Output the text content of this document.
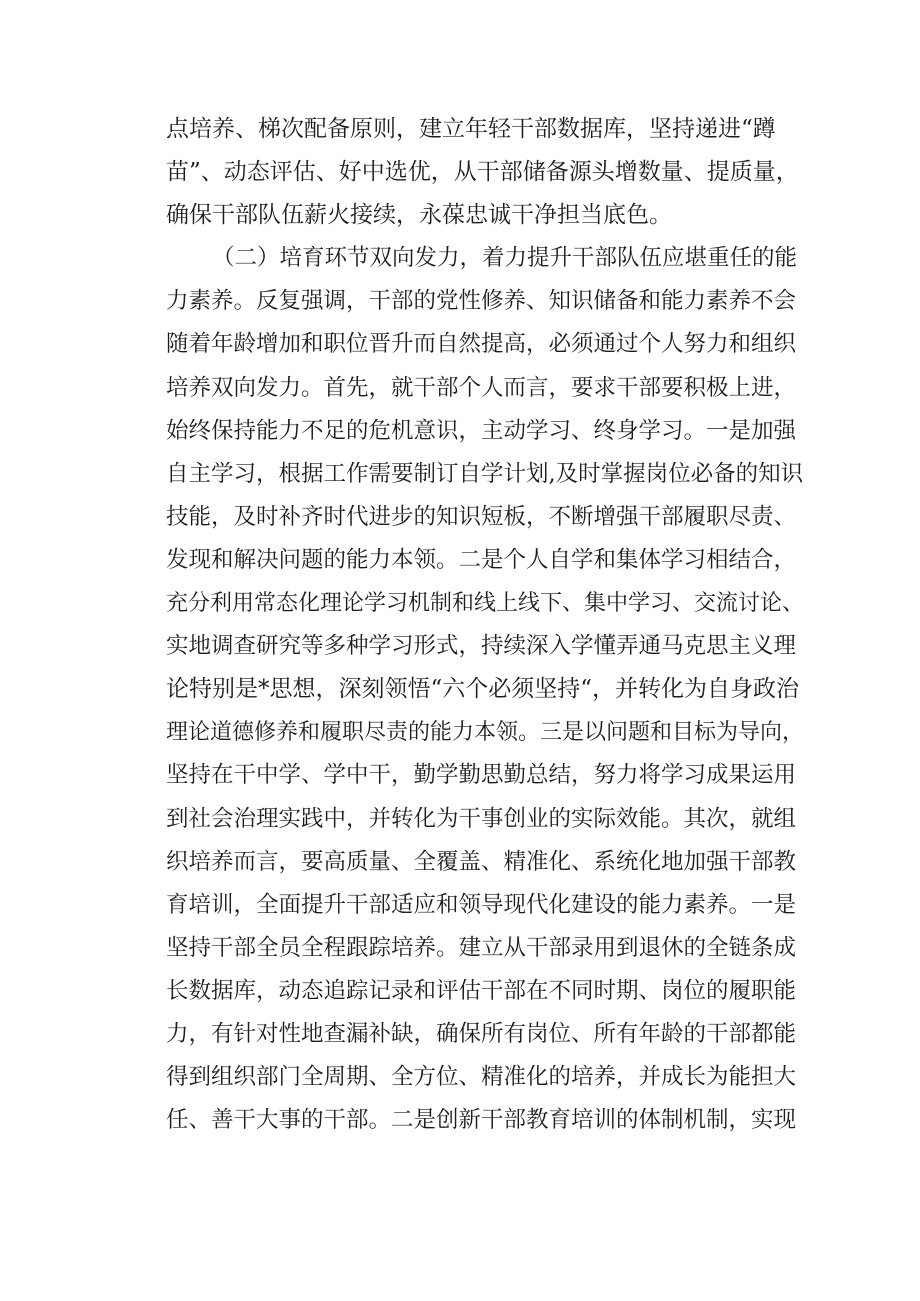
点培养、梯次配备原则，建立年轻干部数据库，坚持递进“蹲
苗”、动态评估、好中选优，从干部储备源头增数量、提质量，
确保干部队伍薪火接续，永葆忠诚干净担当底色。
（二）培育环节双向发力，着力提升干部队伍应堪重任的能
力素养。反复强调，干部的党性修养、知识储备和能力素养不会
随着年龄增加和职位晋升而自然提高，必须通过个人努力和组织
培养双向发力。首先，就干部个人而言，要求干部要积极上进，
始终保持能力不足的危机意识，主动学习、终身学习。一是加强
自主学习，根据工作需要制订自学计划,及时掌握岗位必备的知识
技能，及时补齐时代进步的知识短板，不断增强干部履职尽责、
发现和解决问题的能力本领。二是个人自学和集体学习相结合，
充分利用常态化理论学习机制和线上线下、集中学习、交流讨论、
实地调查研究等多种学习形式，持续深入学懂弄通马克思主义理
论特别是*思想，深刻领悟“六个必须坚持“，并转化为自身政治
理论道德修养和履职尽责的能力本领。三是以问题和目标为导向，
坚持在干中学、学中干，勤学勤思勤总结，努力将学习成果运用
到社会治理实践中，并转化为干事创业的实际效能。其次，就组
织培养而言，要高质量、全覆盖、精准化、系统化地加强干部教
育培训，全面提升干部适应和领导现代化建设的能力素养。一是
坚持干部全员全程跟踪培养。建立从干部录用到退休的全链条成
长数据库，动态追踪记录和评估干部在不同时期、岗位的履职能
力，有针对性地查漏补缺，确保所有岗位、所有年龄的干部都能
得到组织部门全周期、全方位、精准化的培养，并成长为能担大
任、善干大事的干部。二是创新干部教育培训的体制机制，实现
